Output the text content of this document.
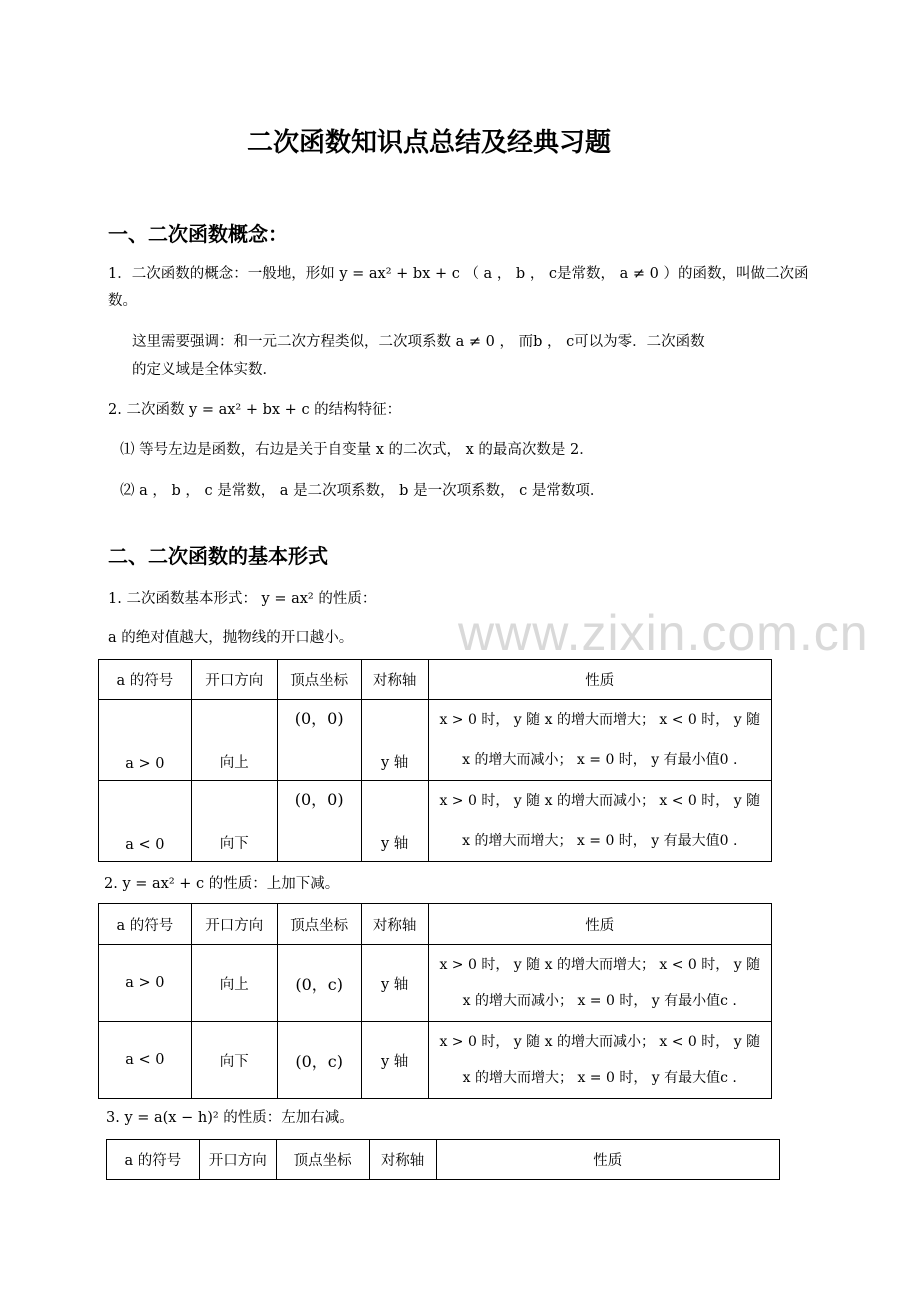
二次函数知识点总结及经典习题
一、二次函数概念：
1．二次函数的概念：一般地，形如 y = ax² + bx + c （ a ， b ， c是常数， a ≠ 0 ）的函数，叫做二次函
数。
这里需要强调：和一元二次方程类似，二次项系数 a ≠ 0 ， 而b ， c可以为零．二次函数
的定义域是全体实数．
2. 二次函数 y = ax² + bx + c 的结构特征：
⑴ 等号左边是函数，右边是关于自变量 x 的二次式， x 的最高次数是 2．
⑵ a ， b ， c 是常数， a 是二次项系数， b 是一次项系数， c 是常数项．
二、二次函数的基本形式
1. 二次函数基本形式： y = ax² 的性质：
a 的绝对值越大，抛物线的开口越小。 www.zixin.com.cn
a 的符号	开口方向	顶点坐标	对称轴	性质
a > 0	向上	(0，0)	y 轴	x > 0 时， y 随 x 的增大而增大； x < 0 时， y 随
x 的增大而减小； x = 0 时， y 有最小值0 .

a < 0	向下	(0，0)	y 轴	x > 0 时， y 随 x 的增大而减小； x < 0 时， y 随
x 的增大而增大； x = 0 时， y 有最大值0 .
2. y = ax² + c 的性质：上加下减。
a 的符号	开口方向	顶点坐标	对称轴	性质
a > 0	向上	(0，c)	y 轴	x > 0 时， y 随 x 的增大而增大； x < 0 时， y 随
x 的增大而减小； x = 0 时， y 有最小值c .

a < 0	向下	(0，c)	y 轴	x > 0 时， y 随 x 的增大而减小； x < 0 时， y 随
x 的增大而增大； x = 0 时， y 有最大值c .
3. y = a(x − h)² 的性质：左加右减。
a 的符号	开口方向	顶点坐标	对称轴	性质
